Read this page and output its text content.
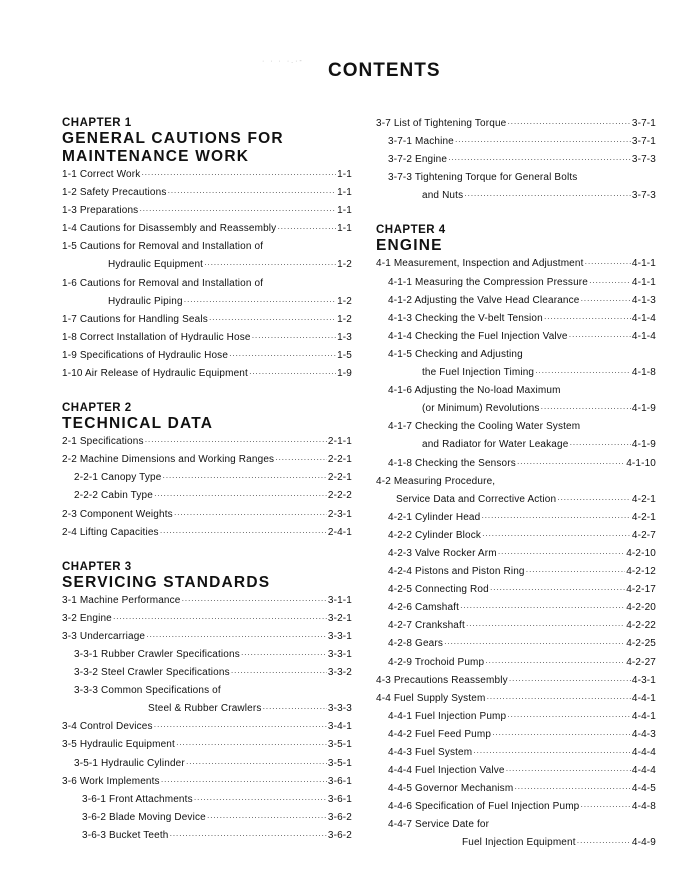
· · · ·.·- CONTENTS
CHAPTER 1
GENERAL CAUTIONS FOR
MAINTENANCE WORK
1-1 Correct Work ·····	1-1
1-2 Safety Precautions ·····	1-1
1-3 Preparations ·····	1-1
1-4 Cautions for Disassembly and Reassembly ·····	1-1
1-5 Cautions for Removal and Installation of
Hydraulic Equipment ·····	1-2
1-6 Cautions for Removal and Installation of
Hydraulic Piping ·····	1-2
1-7 Cautions for Handling Seals ·····	1-2
1-8 Correct Installation of Hydraulic Hose ·····	1-3
1-9 Specifications of Hydraulic Hose ·····	1-5
1-10 Air Release of Hydraulic Equipment ·····	1-9
CHAPTER 2
TECHNICAL DATA
2-1 Specifications ·····	2-1-1
2-2 Machine Dimensions and Working Ranges ·····	2-2-1
2-2-1 Canopy Type ·····	2-2-1
2-2-2 Cabin Type ·····	2-2-2
2-3 Component Weights ·····	2-3-1
2-4 Lifting Capacities ·····	2-4-1
CHAPTER 3
SERVICING STANDARDS
3-1 Machine Performance ·····	3-1-1
3-2 Engine ·····	3-2-1
3-3 Undercarriage ·····	3-3-1
3-3-1 Rubber Crawler Specifications ·····	3-3-1
3-3-2 Steel Crawler Specifications ·····	3-3-2
3-3-3 Common Specifications of
Steel & Rubber Crawlers ·····	3-3-3
3-4 Control Devices ·····	3-4-1
3-5 Hydraulic Equipment ·····	3-5-1
3-5-1 Hydraulic Cylinder ·····	3-5-1
3-6 Work Implements ·····	3-6-1
3-6-1 Front Attachments ·····	3-6-1
3-6-2 Blade Moving Device ·····	3-6-2
3-6-3 Bucket Teeth ·····	3-6-2
3-7 List of Tightening Torque ·····	3-7-1
3-7-1 Machine ·····	3-7-1
3-7-2 Engine ·····	3-7-3
3-7-3 Tightening Torque for General Bolts
and Nuts ·····	3-7-3
CHAPTER 4
ENGINE
4-1 Measurement, Inspection and Adjustment ·····	4-1-1
4-1-1 Measuring the Compression Pressure ·····	4-1-1
4-1-2 Adjusting the Valve Head Clearance ·····	4-1-3
4-1-3 Checking the V-belt Tension ·····	4-1-4
4-1-4 Checking the Fuel Injection Valve ·····	4-1-4
4-1-5 Checking and Adjusting
the Fuel Injection Timing ·····	4-1-8
4-1-6 Adjusting the No-load Maximum
(or Minimum) Revolutions ·····	4-1-9
4-1-7 Checking the Cooling Water System
and Radiator for Water Leakage ·····	4-1-9
4-1-8 Checking the Sensors ·····	4-1-10
4-2 Measuring Procedure,
Service Data and Corrective Action ·····	4-2-1
4-2-1 Cylinder Head ·····	4-2-1
4-2-2 Cylinder Block ·····	4-2-7
4-2-3 Valve Rocker Arm ·····	4-2-10
4-2-4 Pistons and Piston Ring ·····	4-2-12
4-2-5 Connecting Rod ·····	4-2-17
4-2-6 Camshaft ·····	4-2-20
4-2-7 Crankshaft ·····	4-2-22
4-2-8 Gears ·····	4-2-25
4-2-9 Trochoid Pump ·····	4-2-27
4-3 Precautions Reassembly ·····	4-3-1
4-4 Fuel Supply System ·····	4-4-1
4-4-1 Fuel Injection Pump ·····	4-4-1
4-4-2 Fuel Feed Pump ·····	4-4-3
4-4-3 Fuel System ·····	4-4-4
4-4-4 Fuel Injection Valve ·····	4-4-4
4-4-5 Governor Mechanism ·····	4-4-5
4-4-6 Specification of Fuel Injection Pump ·····	4-4-8
4-4-7 Service Date for
Fuel Injection Equipment ·····	4-4-9
